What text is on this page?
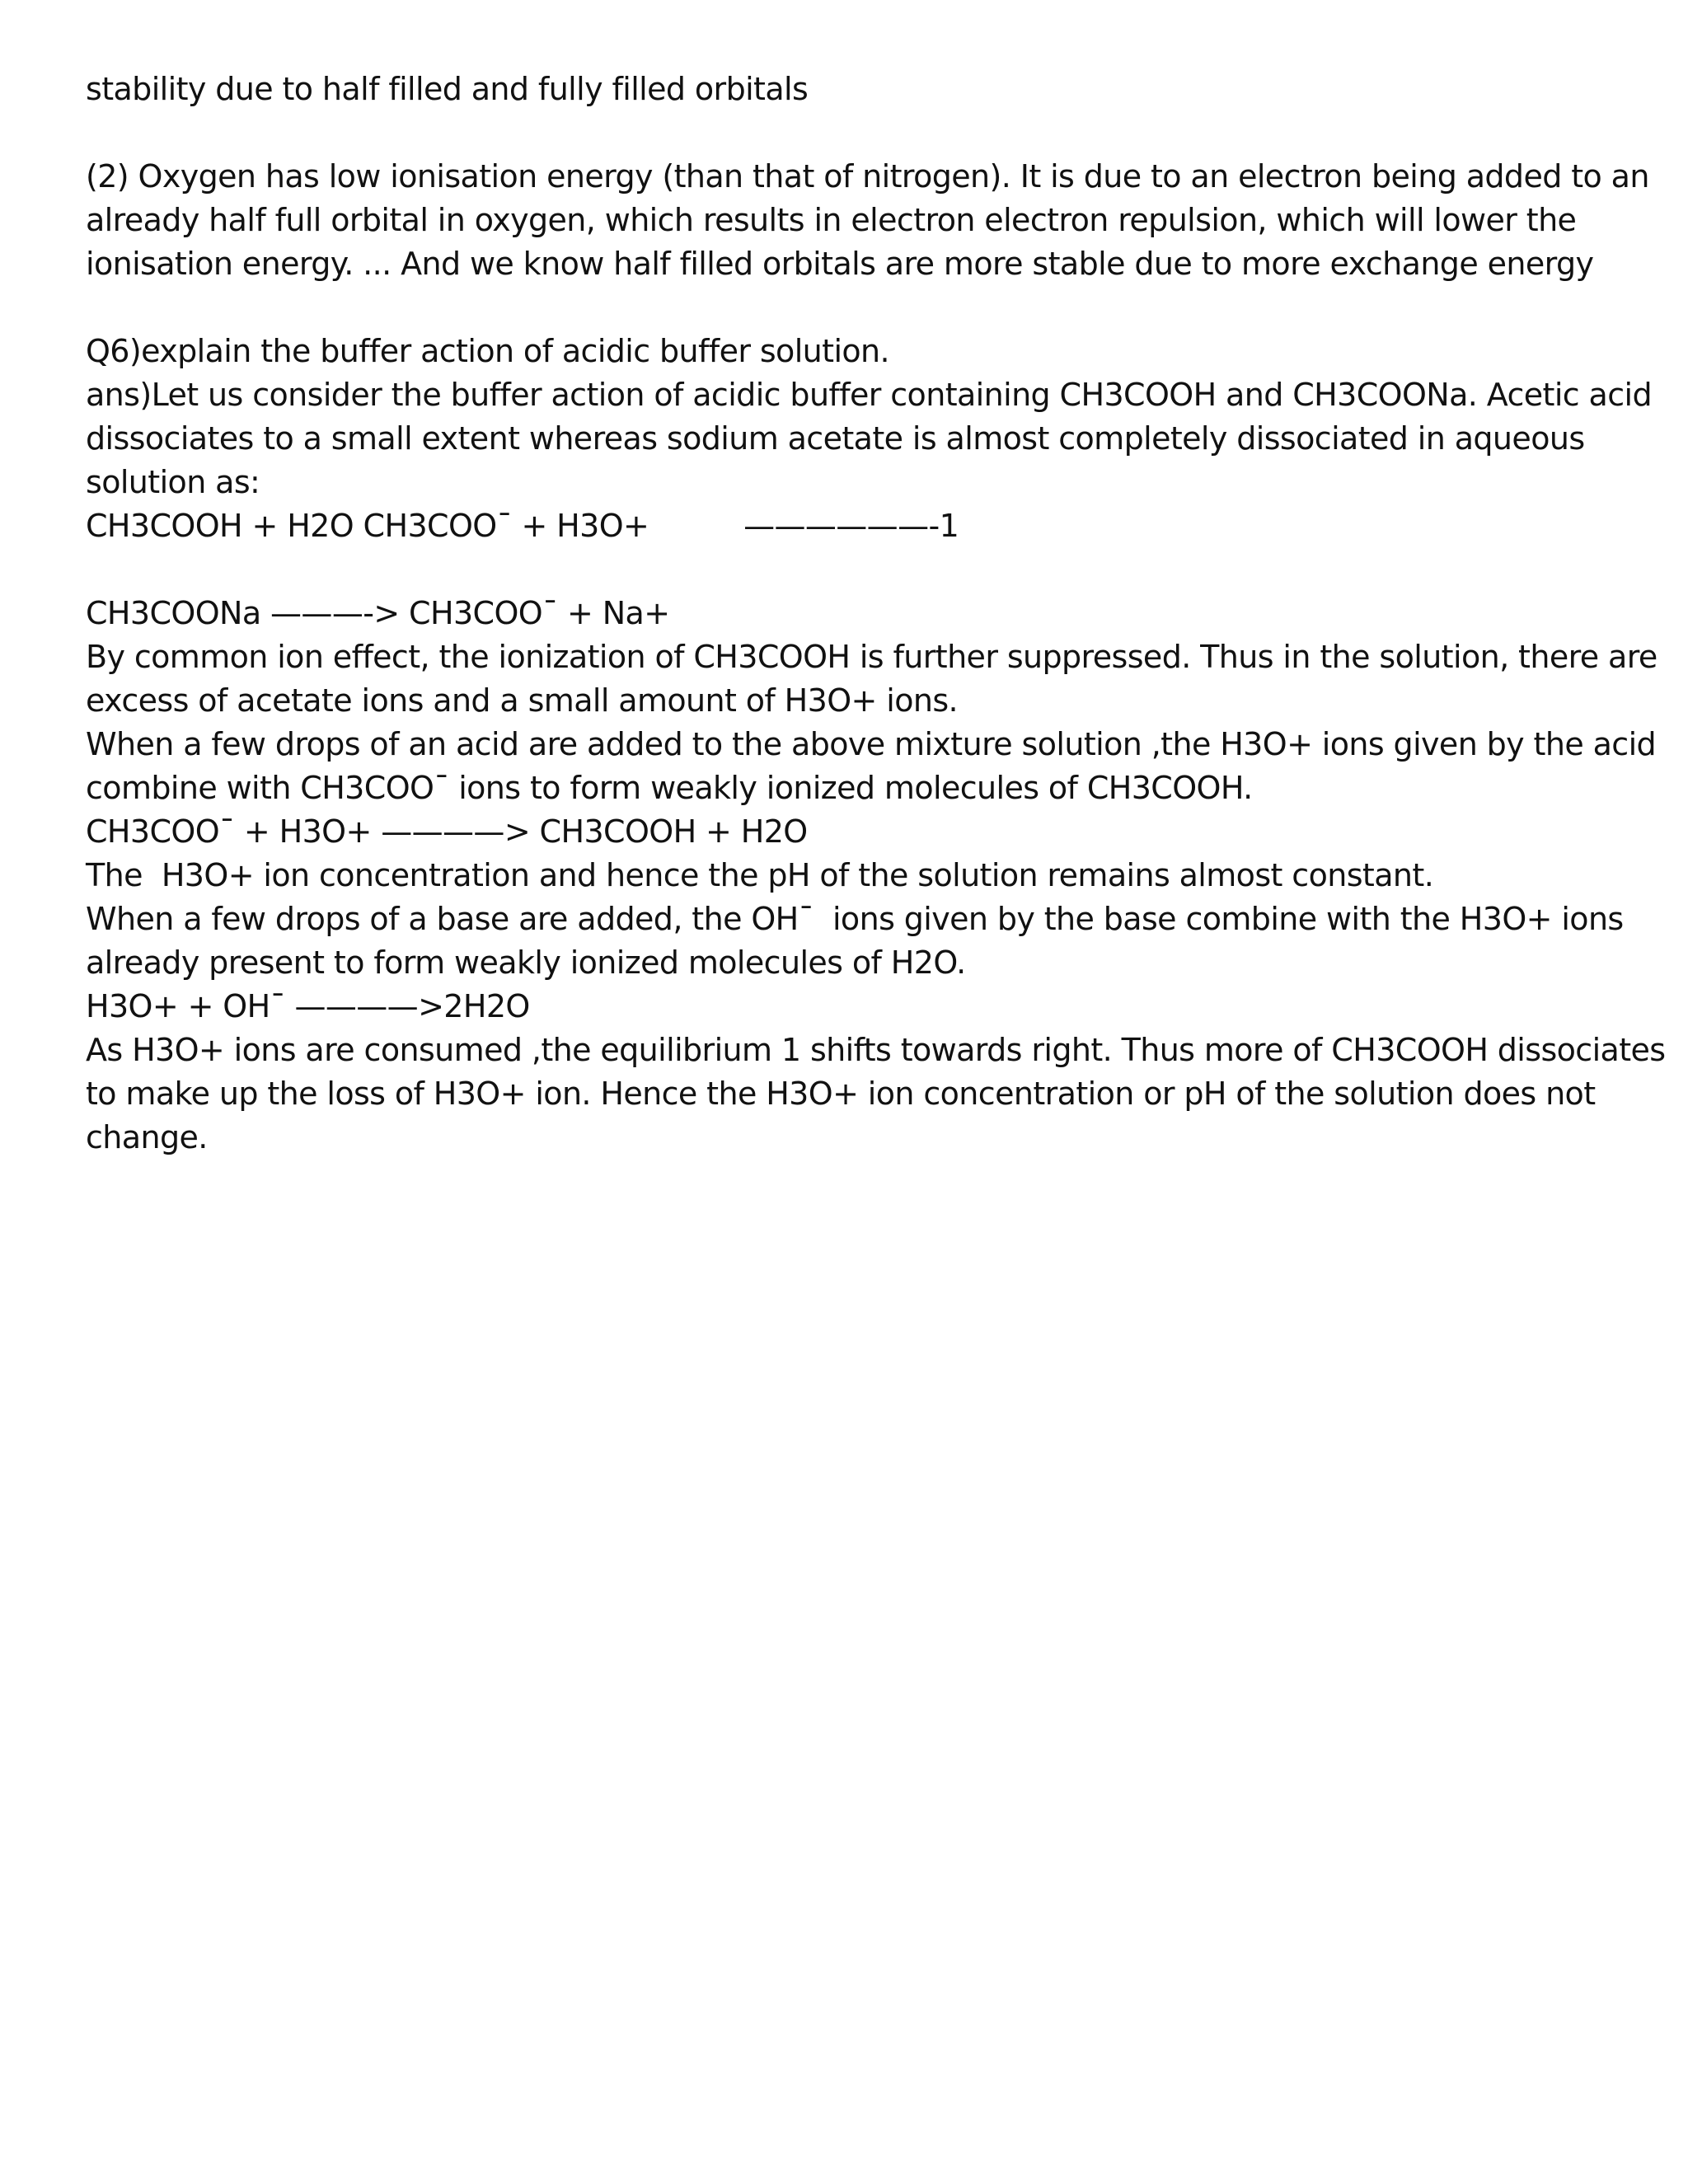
stability due to half filled and fully filled orbitals
(2) Oxygen has low ionisation energy (than that of nitrogen). It is due to an electron being added to an
already half full orbital in oxygen, which results in electron electron repulsion, which will lower the
ionisation energy. ... And we know half filled orbitals are more stable due to more exchange energy
Q6)explain the buffer action of acidic buffer solution.
ans)Let us consider the buffer action of acidic buffer containing CH3COOH and CH3COONa. Acetic acid
dissociates to a small extent whereas sodium acetate is almost completely dissociated in aqueous
solution as:
CH3COOH + H2O CH3COO¯ + H3O+          ——————-1
CH3COONa ———-> CH3COO¯ + Na+
By common ion effect, the ionization of CH3COOH is further suppressed. Thus in the solution, there are
excess of acetate ions and a small amount of H3O+ ions.
When a few drops of an acid are added to the above mixture solution ,the H3O+ ions given by the acid
combine with CH3COO¯ ions to form weakly ionized molecules of CH3COOH.
CH3COO¯ + H3O+ ————> CH3COOH + H2O
The  H3O+ ion concentration and hence the pH of the solution remains almost constant.
When a few drops of a base are added, the OH¯  ions given by the base combine with the H3O+ ions
already present to form weakly ionized molecules of H2O.
H3O+ + OH¯ ————>2H2O
As H3O+ ions are consumed ,the equilibrium 1 shifts towards right. Thus more of CH3COOH dissociates
to make up the loss of H3O+ ion. Hence the H3O+ ion concentration or pH of the solution does not
change.
